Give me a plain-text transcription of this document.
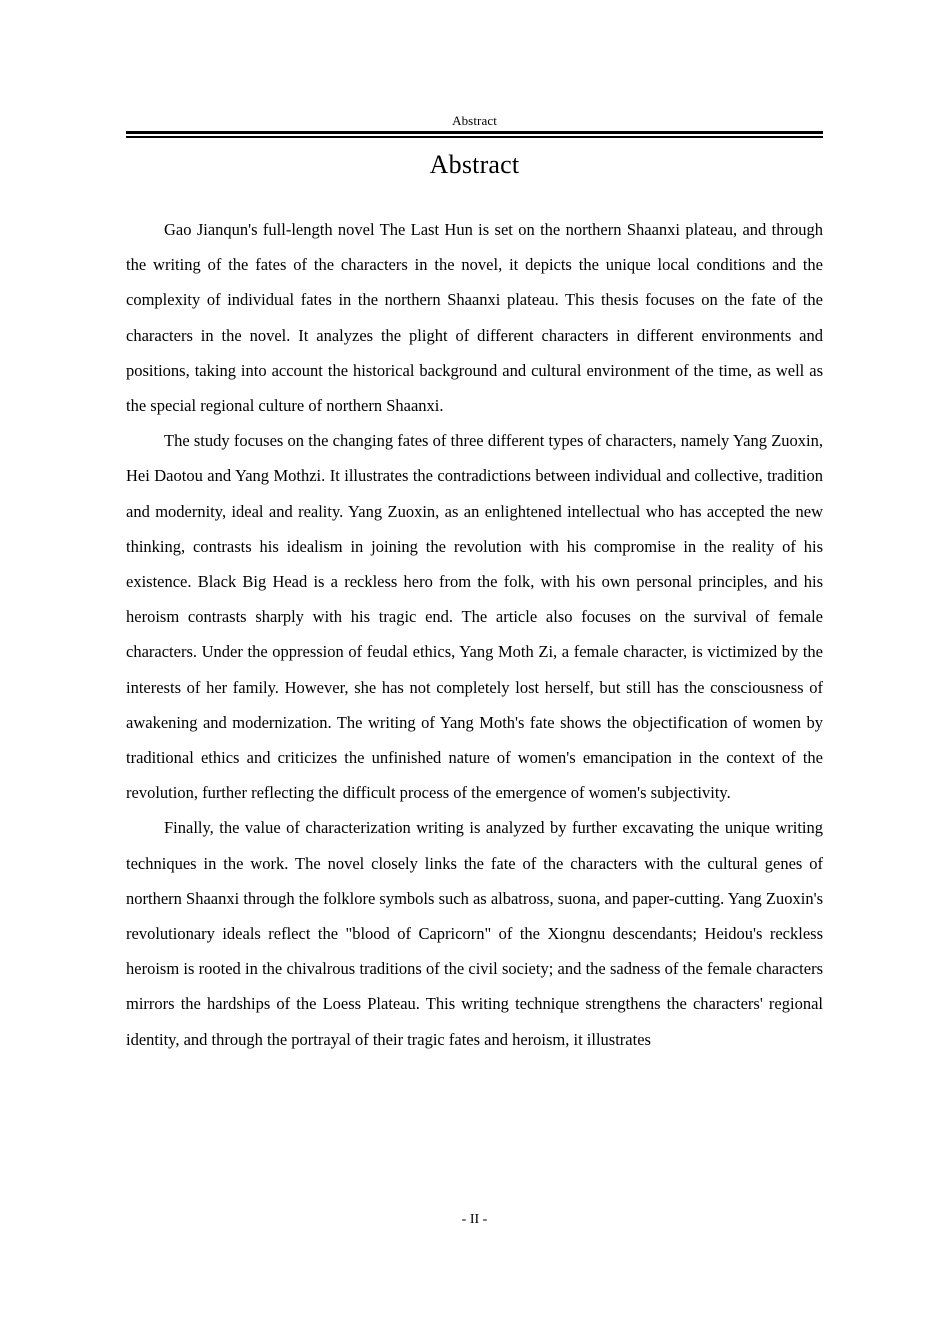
Abstract
Abstract

Gao Jianqun's full-length novel The Last Hun is set on the northern Shaanxi plateau, and through the writing of the fates of the characters in the novel, it depicts the unique local conditions and the complexity of individual fates in the northern Shaanxi plateau. This thesis focuses on the fate of the characters in the novel. It analyzes the plight of different characters in different environments and positions, taking into account the historical background and cultural environment of the time, as well as the special regional culture of northern Shaanxi.

The study focuses on the changing fates of three different types of characters, namely Yang Zuoxin, Hei Daotou and Yang Mothzi. It illustrates the contradictions between individual and collective, tradition and modernity, ideal and reality. Yang Zuoxin, as an enlightened intellectual who has accepted the new thinking, contrasts his idealism in joining the revolution with his compromise in the reality of his existence. Black Big Head is a reckless hero from the folk, with his own personal principles, and his heroism contrasts sharply with his tragic end. The article also focuses on the survival of female characters. Under the oppression of feudal ethics, Yang Moth Zi, a female character, is victimized by the interests of her family. However, she has not completely lost herself, but still has the consciousness of awakening and modernization. The writing of Yang Moth's fate shows the objectification of women by traditional ethics and criticizes the unfinished nature of women's emancipation in the context of the revolution, further reflecting the difficult process of the emergence of women's subjectivity.

Finally, the value of characterization writing is analyzed by further excavating the unique writing techniques in the work. The novel closely links the fate of the characters with the cultural genes of northern Shaanxi through the folklore symbols such as albatross, suona, and paper-cutting. Yang Zuoxin's revolutionary ideals reflect the "blood of Capricorn" of the Xiongnu descendants; Heidou's reckless heroism is rooted in the chivalrous traditions of the civil society; and the sadness of the female characters mirrors the hardships of the Loess Plateau. This writing technique strengthens the characters' regional identity, and through the portrayal of their tragic fates and heroism, it illustrates

- II -
